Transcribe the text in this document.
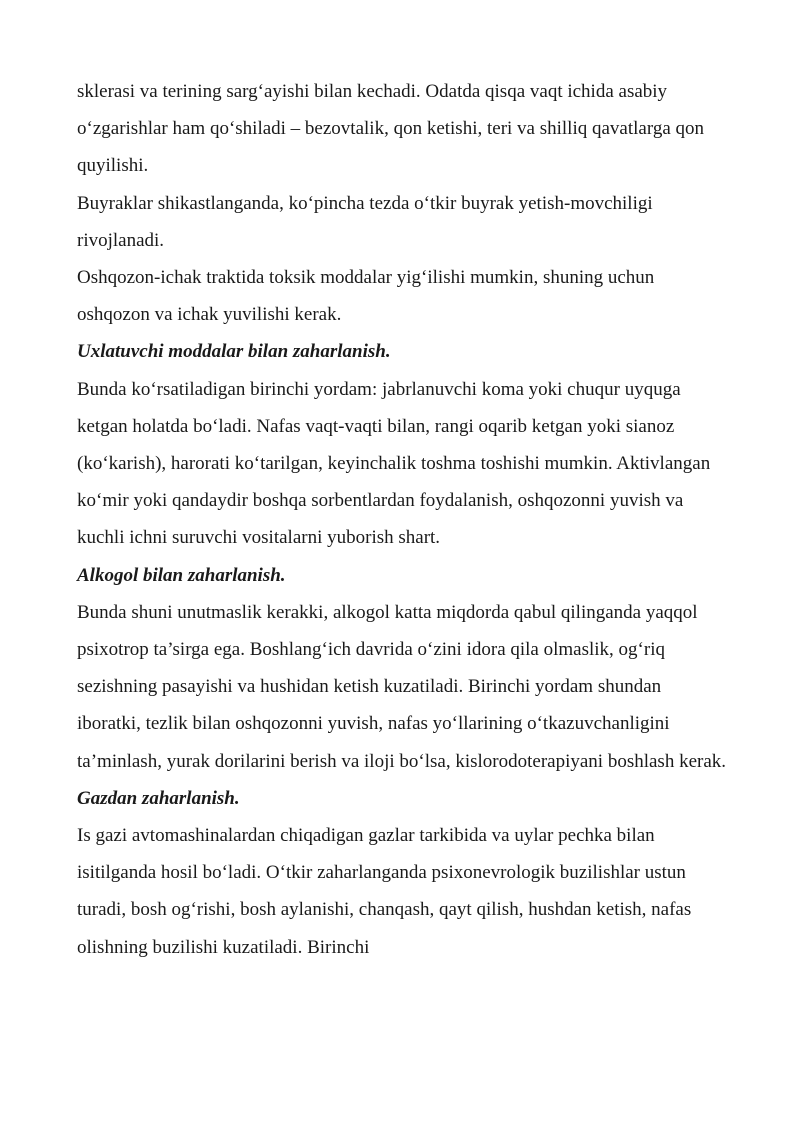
sklerasi va terining sarg‘ayishi bilan kechadi. Odatda qisqa vaqt ichida asabiy o‘zgarishlar ham qo‘shiladi – bezovtalik, qon ketishi, teri va shilliq qavatlarga qon quyilishi.

Buyraklar shikastlanganda, ko‘pincha tezda o‘tkir buyrak yetish-movchiligi rivojlanadi.

Oshqozon-ichak traktida toksik moddalar yig‘ilishi mumkin, shuning uchun oshqozon va ichak yuvilishi kerak.

Uxlatuvchi moddalar bilan zaharlanish.

Bunda ko‘rsatiladigan birinchi yordam: jabrlanuvchi koma yoki chuqur uyquga ketgan holatda bo‘ladi. Nafas vaqt-vaqti bilan, rangi oqarib ketgan yoki sianoz (ko‘karish), harorati ko‘tarilgan, keyinchalik toshma toshishi mumkin. Aktivlangan ko‘mir yoki qandaydir boshqa sorbentlardan foydalanish, oshqozonni yuvish va kuchli ichni suruvchi vositalarni yuborish shart.

Alkogol bilan zaharlanish.

Bunda shuni unutmaslik kerakki, alkogol katta miqdorda qabul qilinganda yaqqol psixotrop ta’sirga ega. Boshlang‘ich davrida o‘zini idora qila olmaslik, og‘riq sezishning pasayishi va hushidan ketish kuzatiladi. Birinchi yordam shundan iboratki, tezlik bilan oshqozonni yuvish, nafas yo‘llarining o‘tkazuvchanligini ta’minlash, yurak dorilarini berish va iloji bo‘lsa, kislorodoterapiyani boshlash kerak.

Gazdan zaharlanish.

Is gazi avtomashinalardan chiqadigan gazlar tarkibida va uylar pechka bilan isitilganda hosil bo‘ladi. O‘tkir zaharlanganda psixonevrologik buzilishlar ustun turadi, bosh og‘rishi, bosh aylanishi, chanqash, qayt qilish, hushdan ketish, nafas olishning buzilishi kuzatiladi. Birinchi
